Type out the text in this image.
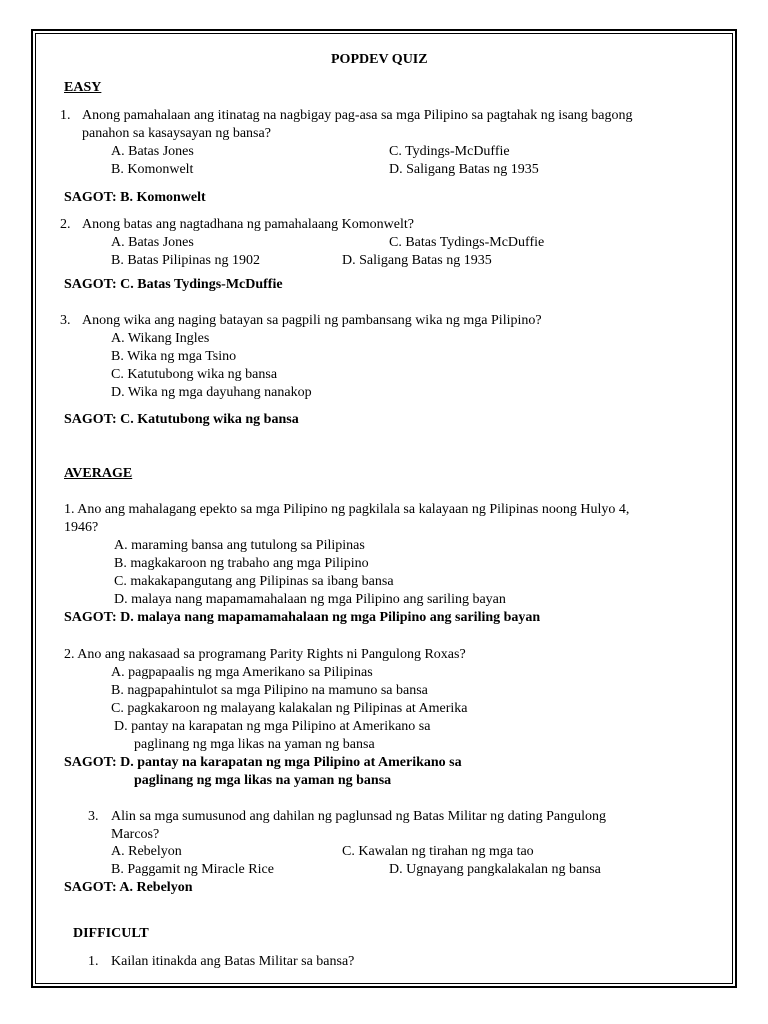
POPDEV QUIZ
EASY
1. Anong pamahalaan ang itinatag na nagbigay pag-asa sa mga Pilipino sa pagtahak ng isang bagong
panahon sa kasaysayan ng bansa?
A. Batas Jones	C. Tydings-McDuffie
B. Komonwelt	D. Saligang Batas ng 1935
SAGOT: B. Komonwelt
2. Anong batas ang nagtadhana ng pamahalaang Komonwelt?
A. Batas Jones	C. Batas Tydings-McDuffie
B. Batas Pilipinas ng 1902	D. Saligang Batas ng 1935
SAGOT: C. Batas Tydings-McDuffie
3. Anong wika ang naging batayan sa pagpili ng pambansang wika ng mga Pilipino?
A. Wikang Ingles
B. Wika ng mga Tsino
C. Katutubong wika ng bansa
D. Wika ng mga dayuhang nanakop
SAGOT: C. Katutubong wika ng bansa
AVERAGE
1. Ano ang mahalagang epekto sa mga Pilipino ng pagkilala sa kalayaan ng Pilipinas noong Hulyo 4,
1946?
A. maraming bansa ang tutulong sa Pilipinas
B. magkakaroon ng trabaho ang mga Pilipino
C. makakapangutang ang Pilipinas sa ibang bansa
D. malaya nang mapamamahalaan ng mga Pilipino ang sariling bayan
SAGOT: D. malaya nang mapamamahalaan ng mga Pilipino ang sariling bayan
2. Ano ang nakasaad sa programang Parity Rights ni Pangulong Roxas?
A. pagpapaalis ng mga Amerikano sa Pilipinas
B. nagpapahintulot sa mga Pilipino na mamuno sa bansa
C. pagkakaroon ng malayang kalakalan ng Pilipinas at Amerika
D. pantay na karapatan ng mga Pilipino at Amerikano sa
paglinang ng mga likas na yaman ng bansa
SAGOT: D. pantay na karapatan ng mga Pilipino at Amerikano sa
paglinang ng mga likas na yaman ng bansa
3. Alin sa mga sumusunod ang dahilan ng paglunsad ng Batas Militar ng dating Pangulong
Marcos?
A. Rebelyon	C. Kawalan ng tirahan ng mga tao
B. Paggamit ng Miracle Rice	D. Ugnayang pangkalakalan ng bansa
SAGOT: A. Rebelyon
DIFFICULT
1. Kailan itinakda ang Batas Militar sa bansa?
